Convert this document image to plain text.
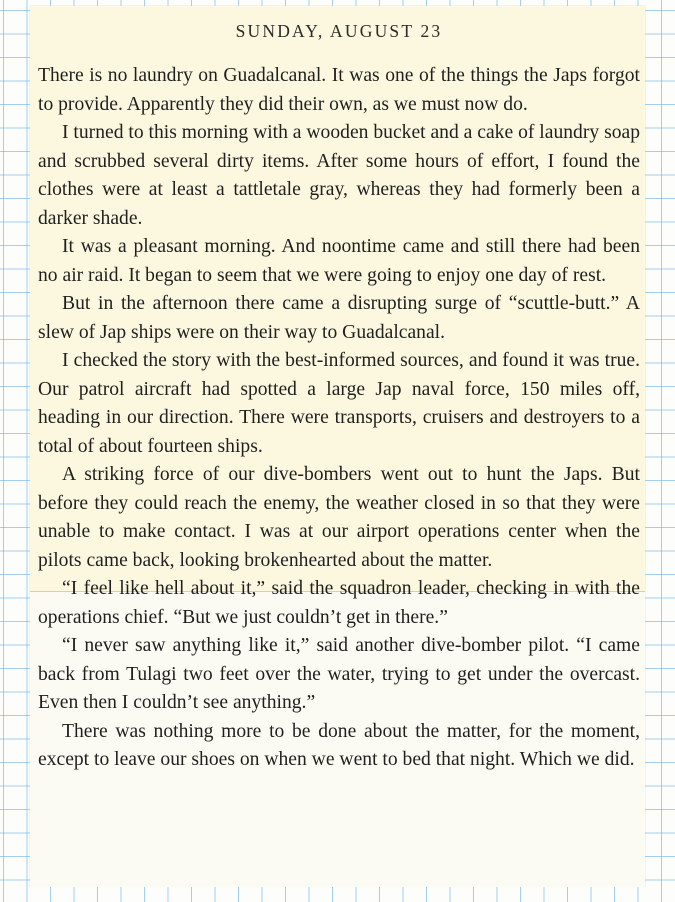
SUNDAY, AUGUST 23

There is no laundry on Guadalcanal. It was one of the things the Japs forgot to provide. Apparently they did their own, as we must now do.

I turned to this morning with a wooden bucket and a cake of laundry soap and scrubbed several dirty items. After some hours of effort, I found the clothes were at least a tattletale gray, whereas they had formerly been a darker shade.

It was a pleasant morning. And noontime came and still there had been no air raid. It began to seem that we were going to enjoy one day of rest.

But in the afternoon there came a disrupting surge of “scuttle-butt.” A slew of Jap ships were on their way to Guadalcanal.

I checked the story with the best-informed sources, and found it was true. Our patrol aircraft had spotted a large Jap naval force, 150 miles off, heading in our direction. There were transports, cruisers and destroyers to a total of about fourteen ships.

A striking force of our dive-bombers went out to hunt the Japs. But before they could reach the enemy, the weather closed in so that they were unable to make contact. I was at our airport operations center when the pilots came back, looking brokenhearted about the matter.

“I feel like hell about it,” said the squadron leader, checking in with the operations chief. “But we just couldn’t get in there.”

“I never saw anything like it,” said another dive-bomber pilot. “I came back from Tulagi two feet over the water, trying to get under the overcast. Even then I couldn’t see anything.”

There was nothing more to be done about the matter, for the moment, except to leave our shoes on when we went to bed that night. Which we did.
